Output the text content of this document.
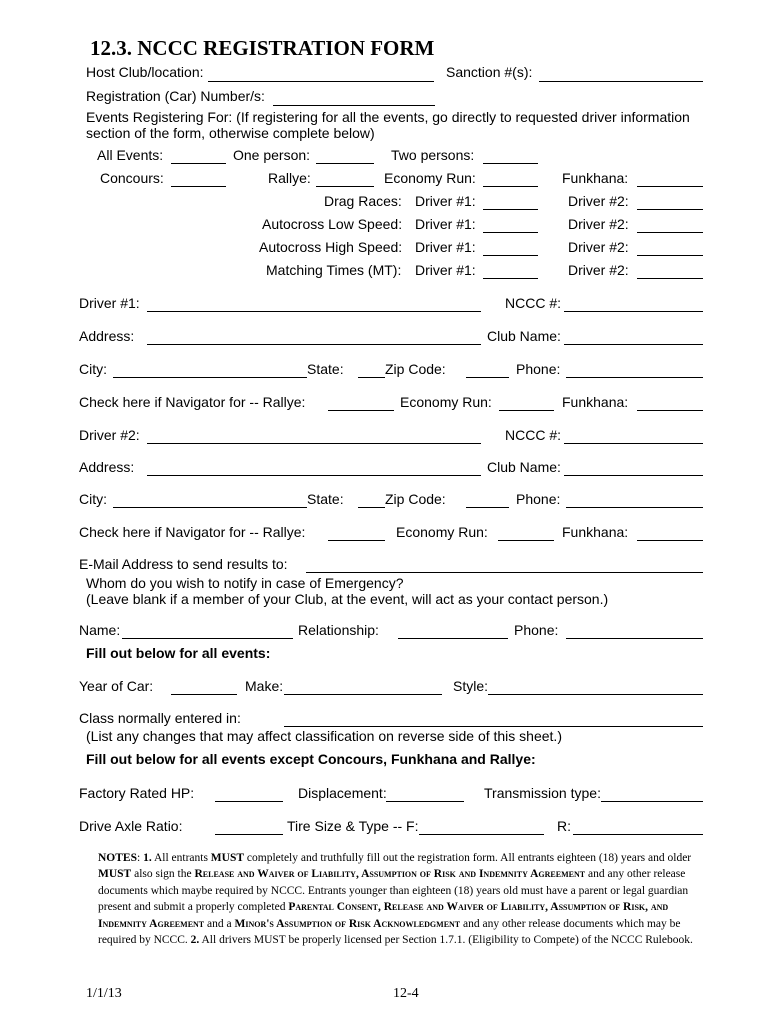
12.3. NCCC REGISTRATION FORM
Host Club/location:	Sanction #(s):
Registration (Car) Number/s:
Events Registering For: (If registering for all the events, go directly to requested driver information
section of the form, otherwise complete below)
All Events:	One person:	Two persons:
Concours:	Rallye:	Economy Run:	Funkhana:
Drag Races: Driver #1:	Driver #2:
Autocross Low Speed: Driver #1:	Driver #2:
Autocross High Speed: Driver #1:	Driver #2:
Matching Times (MT): Driver #1:	Driver #2:
Driver #1:	NCCC #:
Address:	Club Name:
City:	State:	Zip Code:	Phone:
Check here if Navigator for -- Rallye:	Economy Run:	Funkhana:
Driver #2:	NCCC #:
Address:	Club Name:
City:	State:	Zip Code:	Phone:
Check here if Navigator for -- Rallye:	Economy Run:	Funkhana:
E-Mail Address to send results to:
Whom do you wish to notify in case of Emergency?
(Leave blank if a member of your Club, at the event, will act as your contact person.)
Name:	Relationship:	Phone:
Fill out below for all events:
Year of Car:	Make:	Style:
Class normally entered in:
(List any changes that may affect classification on reverse side of this sheet.)
Fill out below for all events except Concours, Funkhana and Rallye:
Factory Rated HP:	Displacement:	Transmission type:
Drive Axle Ratio:	Tire Size & Type -- F:	R:
NOTES: 1. All entrants MUST completely and truthfully fill out the registration form. All entrants eighteen (18) years and older MUST also sign the Release and Waiver of Liability, Assumption of Risk and Indemnity Agreement and any other release documents which maybe required by NCCC. Entrants younger than eighteen (18) years old must have a parent or legal guardian present and submit a properly completed Parental Consent, Release and Waiver of Liability, Assumption of Risk, and Indemnity Agreement and a Minor's Assumption of Risk Acknowledgment and any other release documents which may be required by NCCC. 2. All drivers MUST be properly licensed per Section 1.7.1. (Eligibility to Compete) of the NCCC Rulebook.
1/1/13	12-4
